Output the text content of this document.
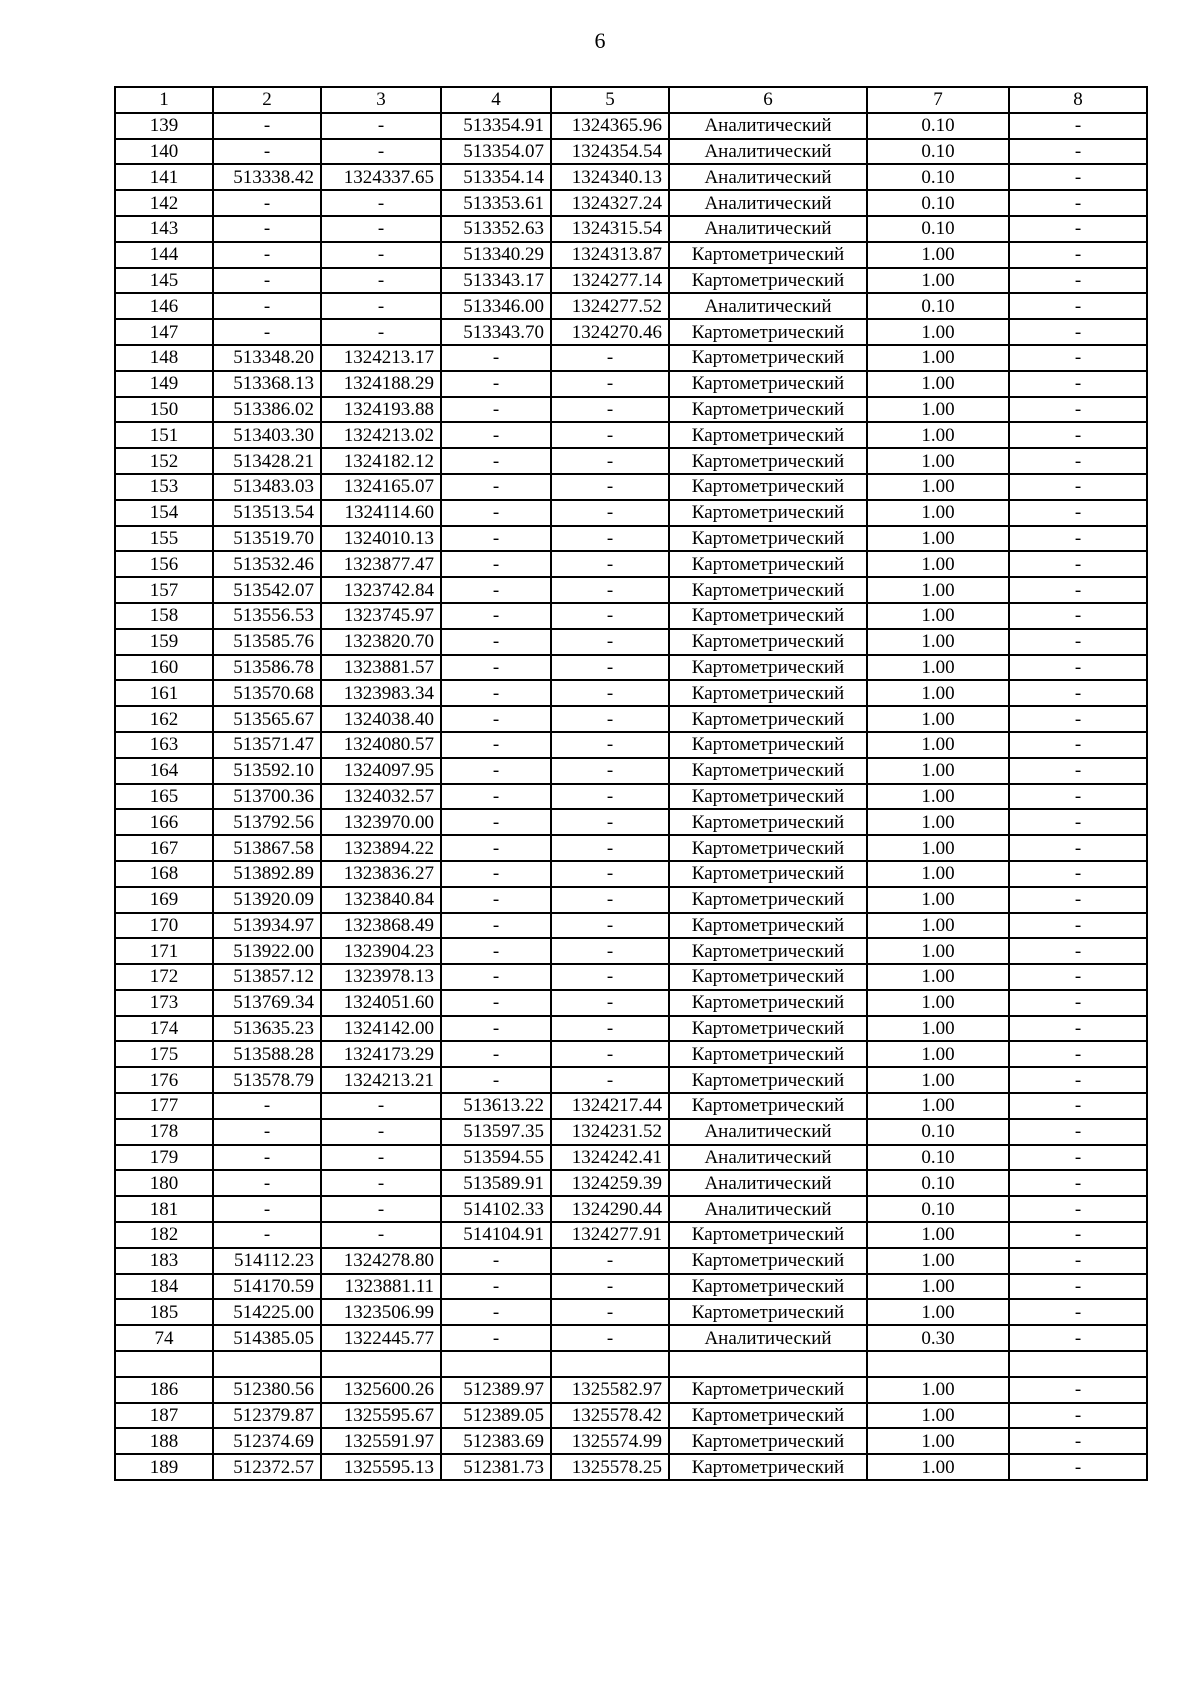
6
1	2	3	4	5	6	7	8
139	-	-	513354.91	1324365.96	Аналитический	0.10	-
140	-	-	513354.07	1324354.54	Аналитический	0.10	-
141	513338.42	1324337.65	513354.14	1324340.13	Аналитический	0.10	-
142	-	-	513353.61	1324327.24	Аналитический	0.10	-
143	-	-	513352.63	1324315.54	Аналитический	0.10	-
144	-	-	513340.29	1324313.87	Картометрический	1.00	-
145	-	-	513343.17	1324277.14	Картометрический	1.00	-
146	-	-	513346.00	1324277.52	Аналитический	0.10	-
147	-	-	513343.70	1324270.46	Картометрический	1.00	-
148	513348.20	1324213.17	-	-	Картометрический	1.00	-
149	513368.13	1324188.29	-	-	Картометрический	1.00	-
150	513386.02	1324193.88	-	-	Картометрический	1.00	-
151	513403.30	1324213.02	-	-	Картометрический	1.00	-
152	513428.21	1324182.12	-	-	Картометрический	1.00	-
153	513483.03	1324165.07	-	-	Картометрический	1.00	-
154	513513.54	1324114.60	-	-	Картометрический	1.00	-
155	513519.70	1324010.13	-	-	Картометрический	1.00	-
156	513532.46	1323877.47	-	-	Картометрический	1.00	-
157	513542.07	1323742.84	-	-	Картометрический	1.00	-
158	513556.53	1323745.97	-	-	Картометрический	1.00	-
159	513585.76	1323820.70	-	-	Картометрический	1.00	-
160	513586.78	1323881.57	-	-	Картометрический	1.00	-
161	513570.68	1323983.34	-	-	Картометрический	1.00	-
162	513565.67	1324038.40	-	-	Картометрический	1.00	-
163	513571.47	1324080.57	-	-	Картометрический	1.00	-
164	513592.10	1324097.95	-	-	Картометрический	1.00	-
165	513700.36	1324032.57	-	-	Картометрический	1.00	-
166	513792.56	1323970.00	-	-	Картометрический	1.00	-
167	513867.58	1323894.22	-	-	Картометрический	1.00	-
168	513892.89	1323836.27	-	-	Картометрический	1.00	-
169	513920.09	1323840.84	-	-	Картометрический	1.00	-
170	513934.97	1323868.49	-	-	Картометрический	1.00	-
171	513922.00	1323904.23	-	-	Картометрический	1.00	-
172	513857.12	1323978.13	-	-	Картометрический	1.00	-
173	513769.34	1324051.60	-	-	Картометрический	1.00	-
174	513635.23	1324142.00	-	-	Картометрический	1.00	-
175	513588.28	1324173.29	-	-	Картометрический	1.00	-
176	513578.79	1324213.21	-	-	Картометрический	1.00	-
177	-	-	513613.22	1324217.44	Картометрический	1.00	-
178	-	-	513597.35	1324231.52	Аналитический	0.10	-
179	-	-	513594.55	1324242.41	Аналитический	0.10	-
180	-	-	513589.91	1324259.39	Аналитический	0.10	-
181	-	-	514102.33	1324290.44	Аналитический	0.10	-
182	-	-	514104.91	1324277.91	Картометрический	1.00	-
183	514112.23	1324278.80	-	-	Картометрический	1.00	-
184	514170.59	1323881.11	-	-	Картометрический	1.00	-
185	514225.00	1323506.99	-	-	Картометрический	1.00	-
74	514385.05	1322445.77	-	-	Аналитический	0.30	-

186	512380.56	1325600.26	512389.97	1325582.97	Картометрический	1.00	-
187	512379.87	1325595.67	512389.05	1325578.42	Картометрический	1.00	-
188	512374.69	1325591.97	512383.69	1325574.99	Картометрический	1.00	-
189	512372.57	1325595.13	512381.73	1325578.25	Картометрический	1.00	-
